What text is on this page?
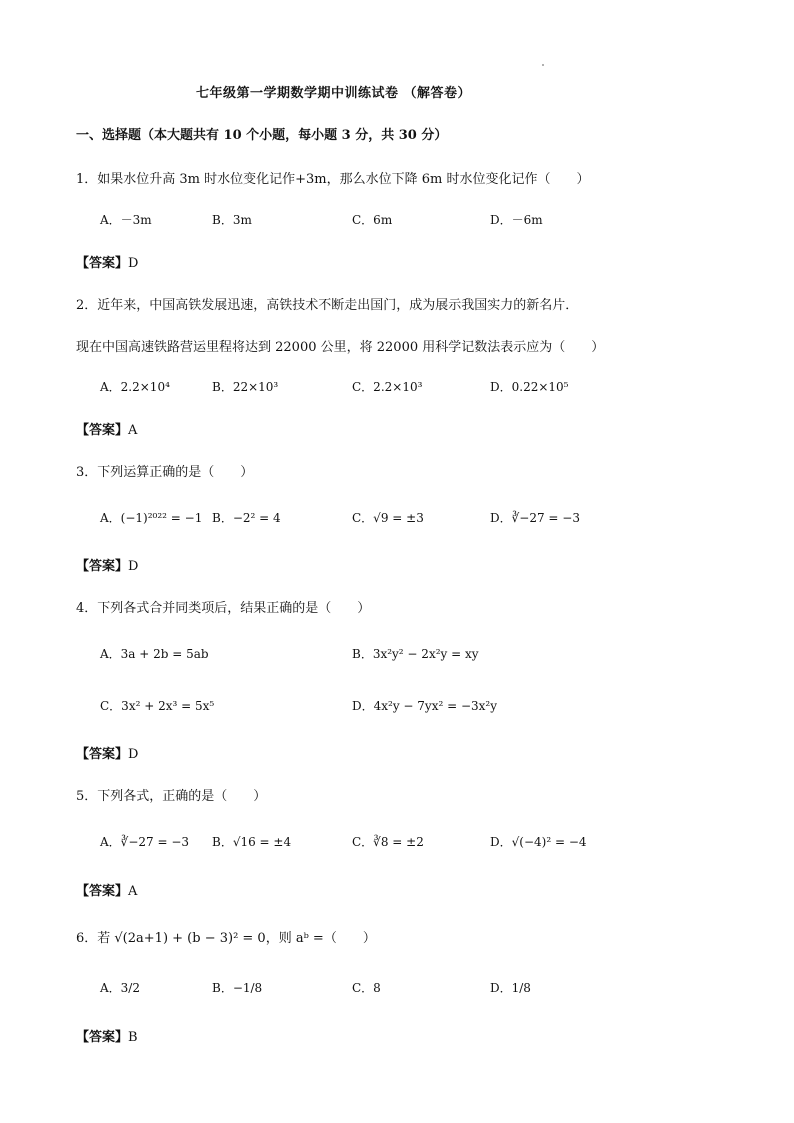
七年级第一学期数学期中训练试卷 （解答卷）
一、选择题（本大题共有 10 个小题，每小题 3 分，共 30 分）
1．如果水位升高 3m 时水位变化记作+3m，那么水位下降 6m 时水位变化记作（　　）
A．－3m	B．3m	C．6m	D．－6m
【答案】D
2．近年来，中国高铁发展迅速，高铁技术不断走出国门，成为展示我国实力的新名片．
现在中国高速铁路营运里程将达到 22000 公里，将 22000 用科学记数法表示应为（　　）
A．2.2×10⁴	B．22×10³	C．2.2×10³	D．0.22×10⁵
【答案】A
3．下列运算正确的是（　　）
A．(−1)²⁰²² = −1 B．−2² = 4	C．√9 = ±3	D．∛−27 = −3
【答案】D
4．下列各式合并同类项后，结果正确的是（　　）
A．3a + 2b = 5ab	B．3x²y² − 2x²y = xy
C．3x² + 2x³ = 5x⁵	D．4x²y − 7yx² = −3x²y
【答案】D
5．下列各式，正确的是（　　）
A．∛−27 = −3 B．√16 = ±4	C．∛8 = ±2	D．√(−4)² = −4
【答案】A
6．若 √(2a+1) + (b − 3)² = 0，则 aᵇ =（　　）
A．3/2	B．−1/8	C．8	D．1/8
【答案】B
